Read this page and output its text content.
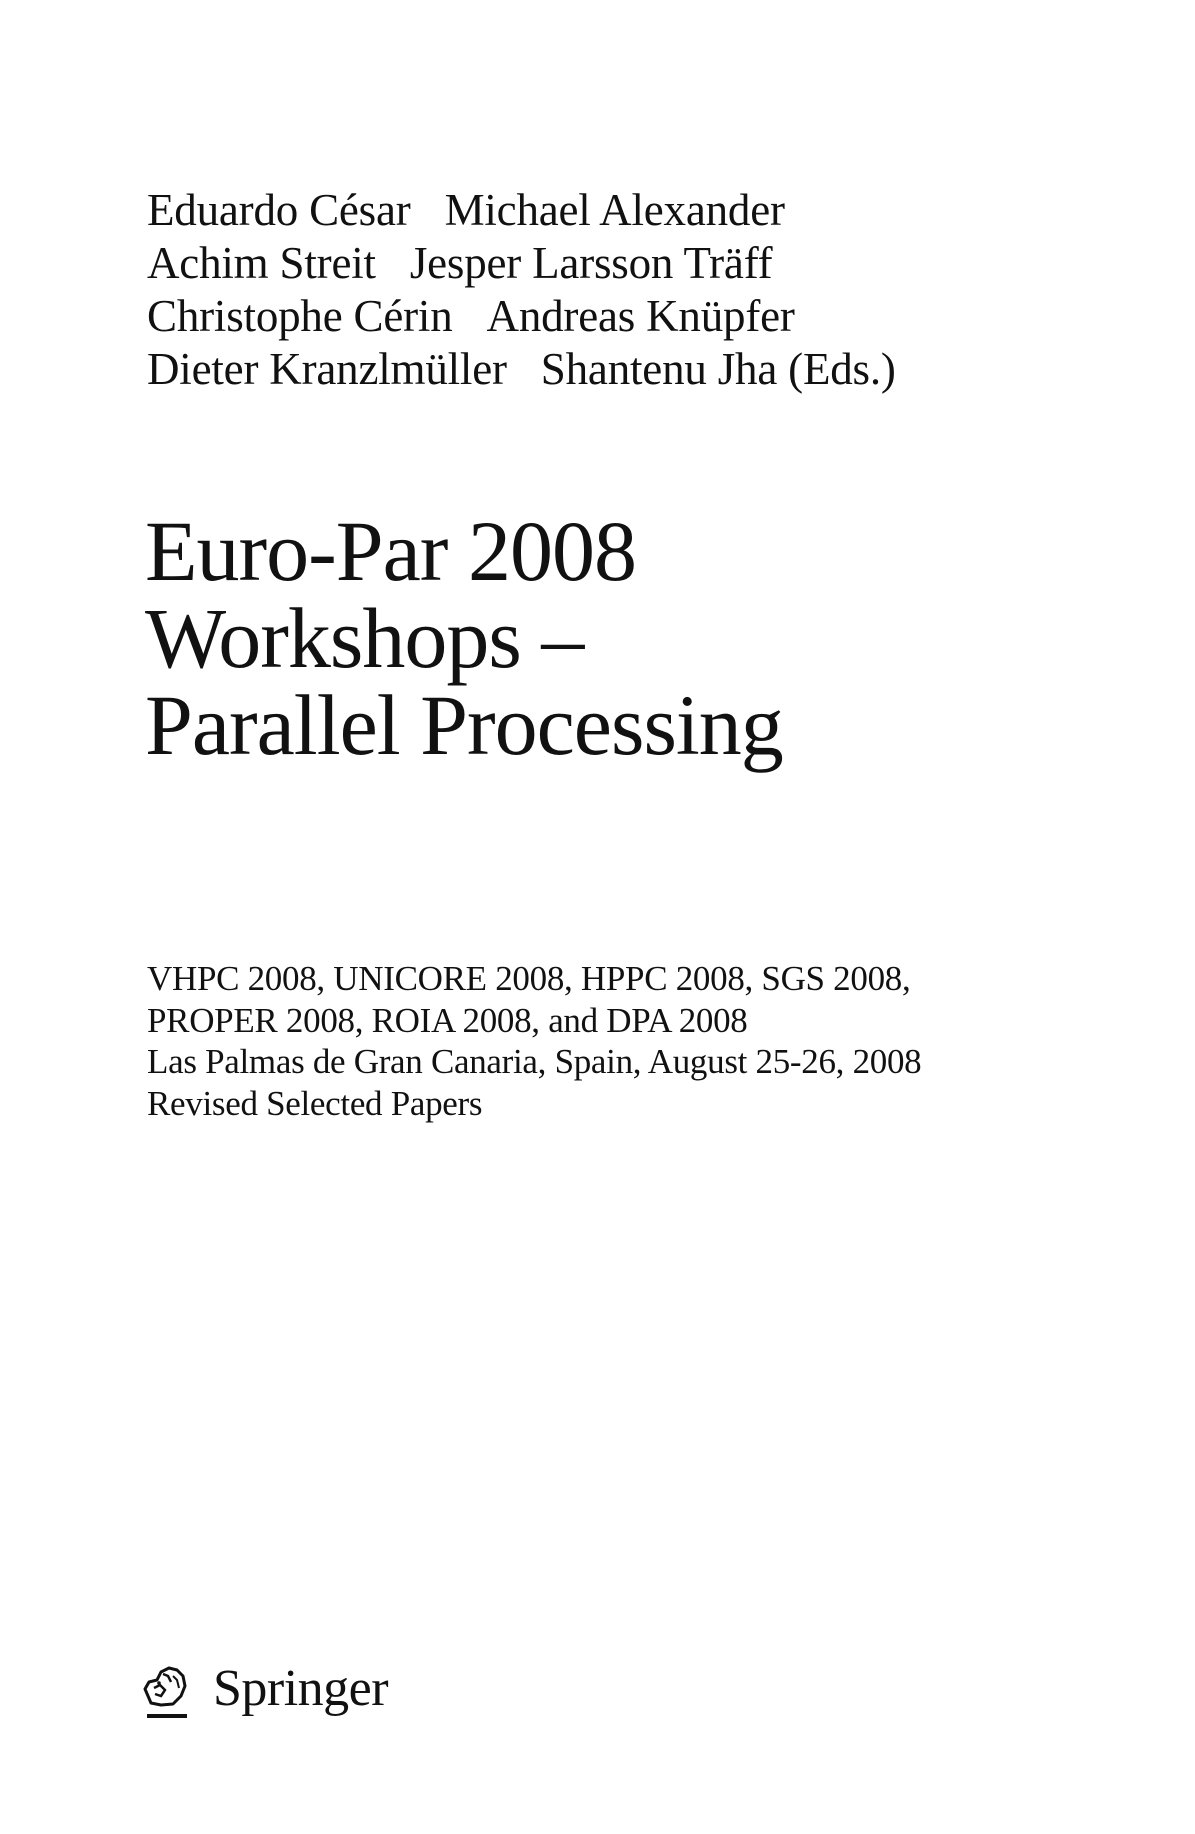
Eduardo César Michael Alexander
Achim Streit Jesper Larsson Träff
Christophe Cérin Andreas Knüpfer
Dieter Kranzlmüller Shantenu Jha (Eds.)
Euro-Par 2008
Workshops –
Parallel Processing
VHPC 2008, UNICORE 2008, HPPC 2008, SGS 2008,
PROPER 2008, ROIA 2008, and DPA 2008
Las Palmas de Gran Canaria, Spain, August 25-26, 2008
Revised Selected Papers
Springer
